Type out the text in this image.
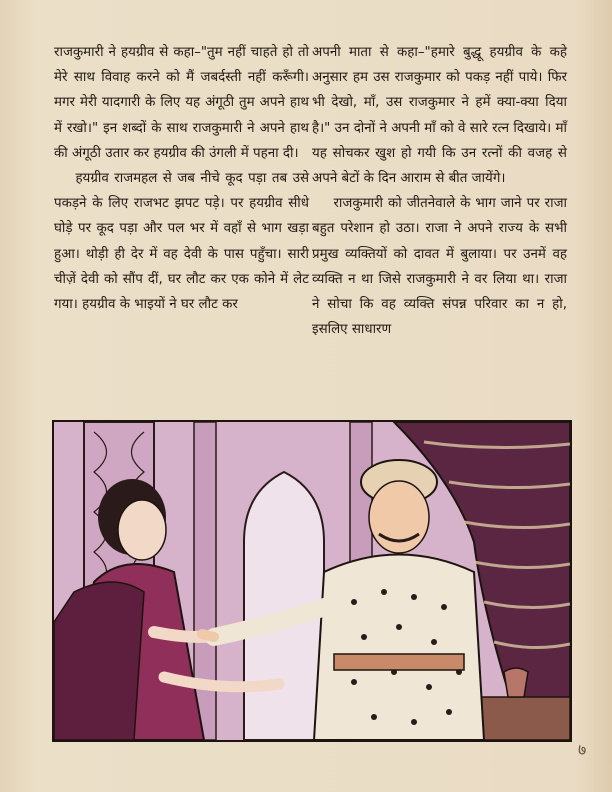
राजकुमारी ने हयग्रीव से कहा–"तुम नहीं चाहते हो तो मेरे साथ विवाह करने को मैं जबर्दस्ती नहीं करूँगी। मगर मेरी यादगारी के लिए यह अंगूठी तुम अपने हाथ में रखो।" इन शब्दों के साथ राजकुमारी ने अपने हाथ की अंगूठी उतार कर हयग्रीव की उंगली में पहना दी।

हयग्रीव राजमहल से जब नीचे कूद पड़ा तब उसे पकड़ने के लिए राजभट झपट पड़े। पर हयग्रीव सीधे घोड़े पर कूद पड़ा और पल भर में वहाँ से भाग खड़ा हुआ। थोड़ी ही देर में वह देवी के पास पहुँचा। सारी चीज़ें देवी को सौंप दीं, घर लौट कर एक कोने में लेट गया। हयग्रीव के भाइयों ने घर लौट कर

अपनी माता से कहा–"हमारे बुद्धू हयग्रीव के कहे अनुसार हम उस राजकुमार को पकड़ नहीं पाये। फिर भी देखो, माँ, उस राजकुमार ने हमें क्या-क्या दिया है।" उन दोनों ने अपनी माँ को वे सारे रत्न दिखाये। माँ यह सोचकर खुश हो गयी कि उन रत्नों की वजह से अपने बेटों के दिन आराम से बीत जायेंगे।

राजकुमारी को जीतनेवाले के भाग जाने पर राजा बहुत परेशान हो उठा। राजा ने अपने राज्य के सभी प्रमुख व्यक्तियों को दावत में बुलाया। पर उनमें वह व्यक्ति न था जिसे राजकुमारी ने वर लिया था। राजा ने सोचा कि वह व्यक्ति संपन्न परिवार का न हो, इसलिए साधारण

७
